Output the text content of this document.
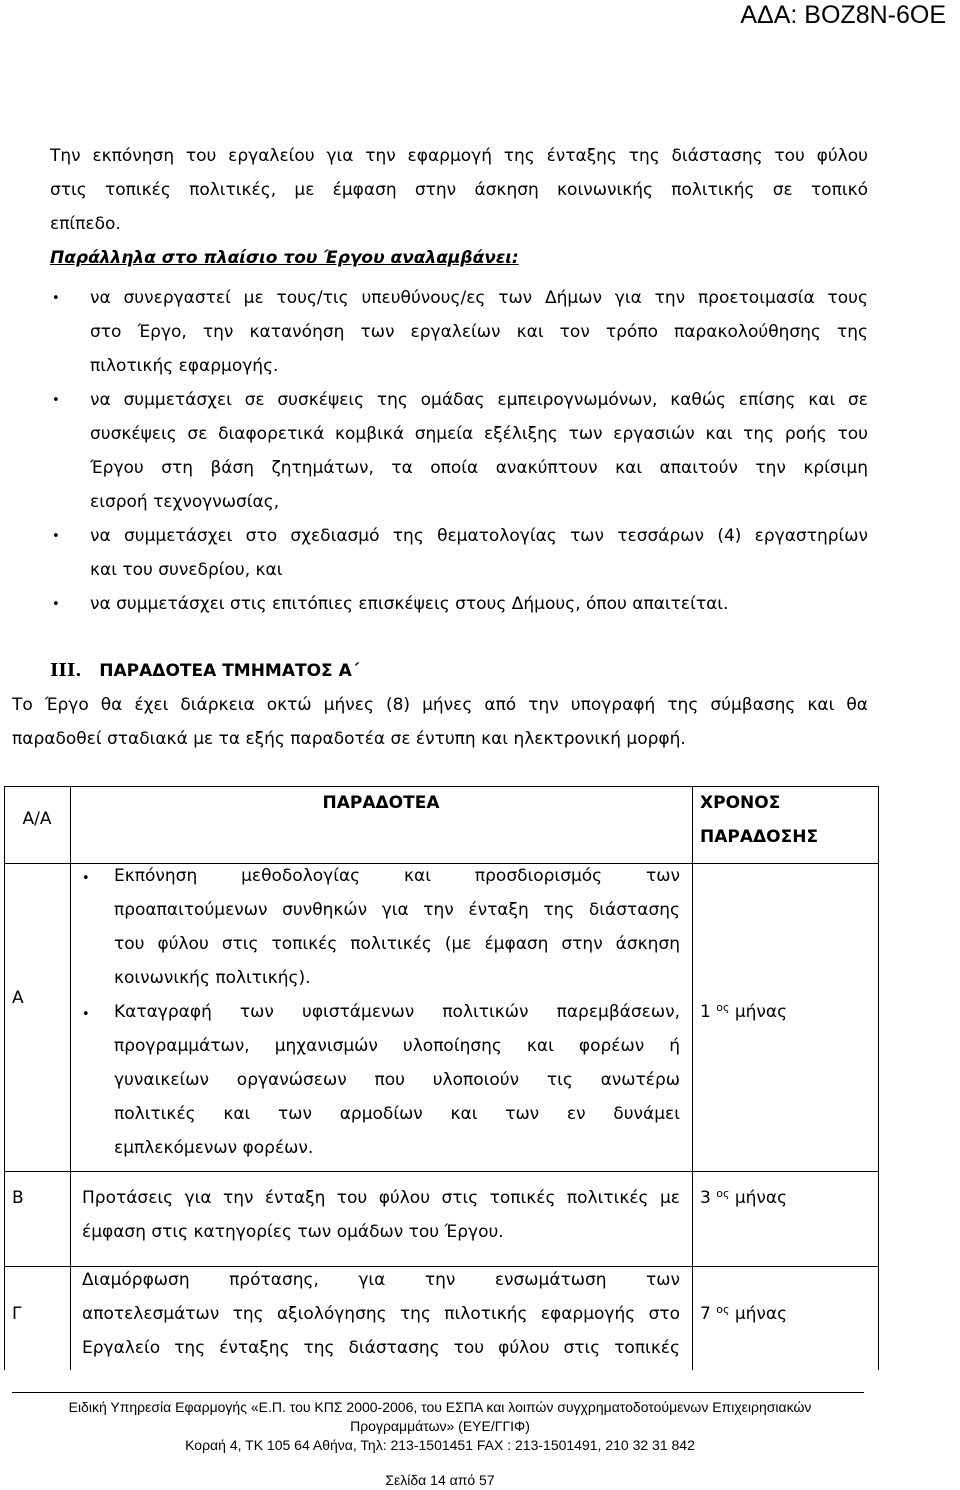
ΑΔΑ: ΒΟΖ8Ν-6ΟΕ
Την εκπόνηση του εργαλείου για την εφαρμογή της ένταξης της διάστασης του φύλου
στις τοπικές πολιτικές, με έμφαση στην άσκηση κοινωνικής πολιτικής σε τοπικό
επίπεδο.
Παράλληλα στο πλαίσιο του Έργου αναλαμβάνει:
• να συνεργαστεί με τους/τις υπευθύνους/ες των Δήμων για την προετοιμασία τους
στο Έργο, την κατανόηση των εργαλείων και τον τρόπο παρακολούθησης της
πιλοτικής εφαρμογής.
• να συμμετάσχει σε συσκέψεις της ομάδας εμπειρογνωμόνων, καθώς επίσης και σε
συσκέψεις σε διαφορετικά κομβικά σημεία εξέλιξης των εργασιών και της ροής του
Έργου στη βάση ζητημάτων, τα οποία ανακύπτουν και απαιτούν την κρίσιμη
εισροή τεχνογνωσίας,
• να συμμετάσχει στο σχεδιασμό της θεματολογίας των τεσσάρων (4) εργαστηρίων
και του συνεδρίου, και
• να συμμετάσχει στις επιτόπιες επισκέψεις στους Δήμους, όπου απαιτείται.
III. ΠΑΡΑΔΟΤΕΑ ΤΜΗΜΑΤΟΣ Α΄
Το Έργο θα έχει διάρκεια οκτώ μήνες (8) μήνες από την υπογραφή της σύμβασης και θα
παραδοθεί σταδιακά με τα εξής παραδοτέα σε έντυπη και ηλεκτρονική μορφή.
Α/Α
ΠΑΡΑΔΟΤΕΑ	ΧΡΟΝΟΣ
ΠΑΡΑΔΟΣΗΣ
Α
• Εκπόνηση μεθοδολογίας και προσδιορισμός των
προαπαιτούμενων συνθηκών για την ένταξη της διάστασης
του φύλου στις τοπικές πολιτικές (με έμφαση στην άσκηση
κοινωνικής πολιτικής).
• Καταγραφή των υφιστάμενων πολιτικών παρεμβάσεων,
προγραμμάτων, μηχανισμών υλοποίησης και φορέων ή
γυναικείων οργανώσεων που υλοποιούν τις ανωτέρω
πολιτικές και των αρμοδίων και των εν δυνάμει
εμπλεκόμενων φορέων.
1 $^{o\varsigma}$ μήνας
Β	Προτάσεις για την ένταξη του φύλου στις τοπικές πολιτικές με
έμφαση στις κατηγορίες των ομάδων του Έργου.
3 $^{o\varsigma}$ μήνας
Γ
Διαμόρφωση πρότασης, για την ενσωμάτωση των
αποτελεσμάτων της αξιολόγησης της πιλοτικής εφαρμογής στο
Εργαλείο της ένταξης της διάστασης του φύλου στις τοπικές
7 $^{o\varsigma}$ μήνας
Ειδική Υπηρεσία Εφαρμογής «Ε.Π. του ΚΠΣ 2000-2006, του ΕΣΠΑ και λοιπών συγχρηματοδοτούμενων Επιχειρησιακών
Προγραμμάτων» (ΕΥΕ/ΓΓΙΦ)
Κοραή 4, ΤΚ 105 64 Αθήνα, Τηλ: 213-1501451 FAX : 213-1501491, 210 32 31 842
Σελίδα 14 από 57
